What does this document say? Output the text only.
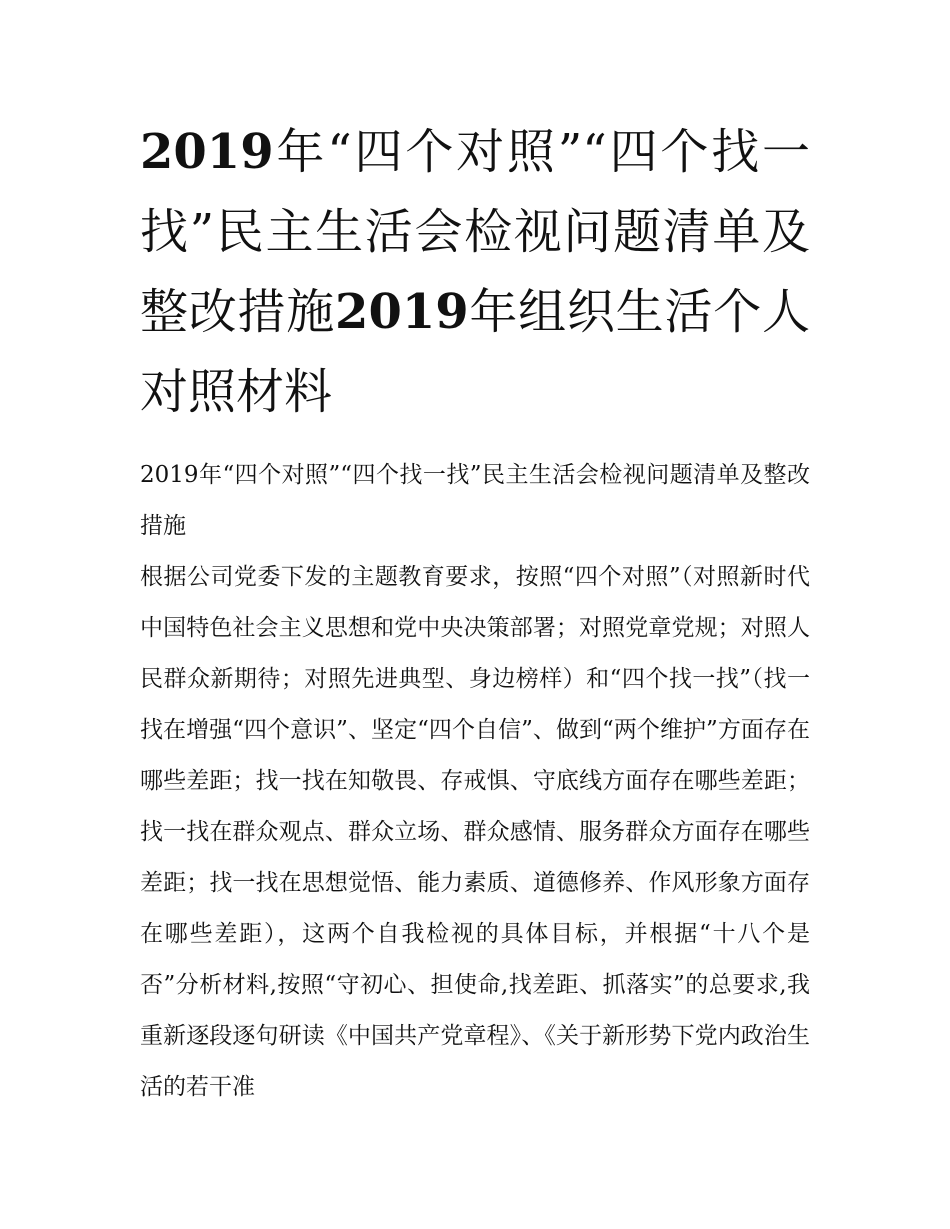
2019年“四个对照”“四个找一找”民主生活会检视问题清单及整改措施2019年组织生活个人对照材料

2019年“四个对照”“四个找一找”民主生活会检视问题清单及整改措施

根据公司党委下发的主题教育要求，按照“四个对照”（对照新时代中国特色社会主义思想和党中央决策部署；对照党章党规；对照人民群众新期待；对照先进典型、身边榜样）和“四个找一找”（找一找在增强“四个意识”、坚定“四个自信”、做到“两个维护”方面存在哪些差距；找一找在知敬畏、存戒惧、守底线方面存在哪些差距；找一找在群众观点、群众立场、群众感情、服务群众方面存在哪些差距；找一找在思想觉悟、能力素质、道德修养、作风形象方面存在哪些差距），这两个自我检视的具体目标，并根据“十八个是否”分析材料,按照“守初心、担使命,找差距、抓落实”的总要求,我重新逐段逐句研读《中国共产党章程》、《关于新形势下党内政治生活的若干准
